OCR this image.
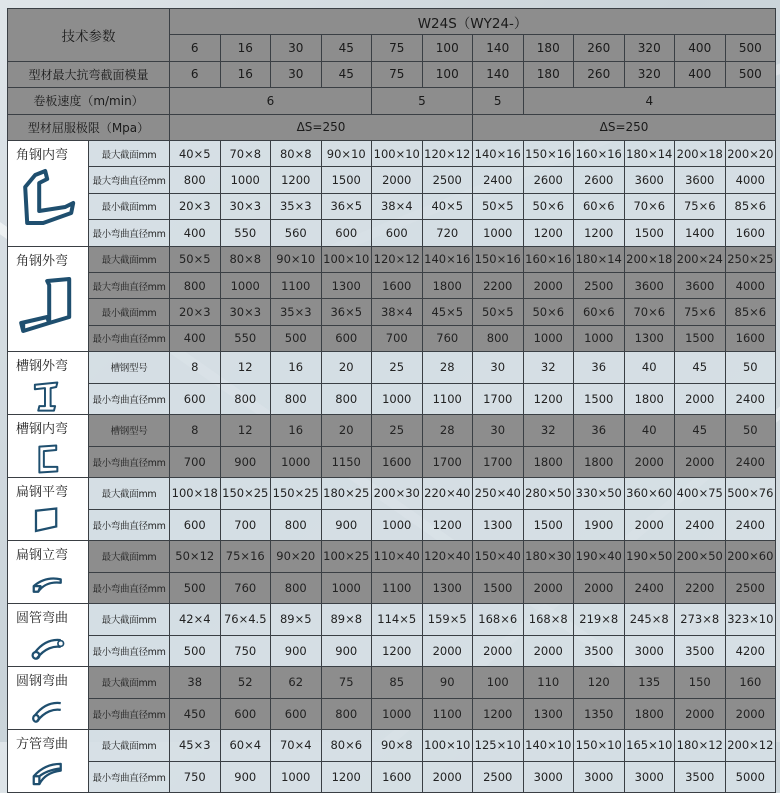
技术参数		W24S（WY24-）											
		6	16	30	45	75	100	140	180	260	320	400	500
型材最大抗弯截面模量		6	16	30	45	75	100	140	180	260	320	400	500
卷板速度（m/min）		6				5		5	4				
型材屈服极限（Mpa）		ΔS=250						ΔS=250					

角钢内弯	最大截面mm	40×5	70×8	80×8	90×10	100×10	120×12	140×16	150×16	160×16	180×14	200×18	200×20
	最大弯曲直径mm	800	1000	1200	1500	2000	2500	2400	2600	2600	3600	3600	4000
	最小截面mm	20×3	30×3	35×3	36×5	38×4	40×5	50×5	50×6	60×6	70×6	75×6	85×6
	最小弯曲直径mm	400	550	560	600	600	720	1000	1200	1200	1500	1400	1600

角钢外弯	最大截面mm	50×5	80×8	90×10	100×10	120×12	140×16	150×16	160×16	180×14	200×18	200×24	250×25
	最大弯曲直径mm	800	1000	1100	1300	1600	1800	2200	2000	2500	3600	3600	4000
	最小截面mm	20×3	30×3	35×3	36×5	38×4	45×5	50×5	50×6	60×6	70×6	75×6	85×6
	最小弯曲直径mm	400	550	500	600	700	760	800	1000	1000	1300	1500	1600

槽钢外弯	槽钢型号	8	12	16	20	25	28	30	32	36	40	45	50
	最小弯曲直径mm	600	800	800	800	1000	1100	1700	1200	1500	1800	2000	2400

槽钢内弯	槽钢型号	8	12	16	20	25	28	30	32	36	40	45	50
	最小弯曲直径mm	700	900	1000	1150	1600	1700	1700	1800	1800	2000	2000	2400

扁钢平弯	最大截面mm	100×18	150×25	150×25	180×25	200×30	220×40	250×40	280×50	330×50	360×60	400×75	500×76
	最小弯曲直径mm	600	700	800	900	1000	1200	1300	1500	1900	2000	2400	2400

扁钢立弯	最大截面mm	50×12	75×16	90×20	100×25	110×40	120×40	150×40	180×30	190×40	190×50	200×50	200×60
	最小弯曲直径mm	500	760	800	1000	1100	1300	1500	2000	2000	2400	2200	2500

圆管弯曲	最大截面mm	42×4	76×4.5	89×5	89×8	114×5	159×5	168×6	168×8	219×8	245×8	273×8	323×10
	最小弯曲直径mm	500	750	900	900	1200	2000	2000	2000	3500	3000	3500	4200

圆钢弯曲	最大截面mm	38	52	62	75	85	90	100	110	120	135	150	160
	最小弯曲直径mm	450	600	600	800	1000	1100	1200	1300	1350	1800	2000	2000

方管弯曲	最大截面mm	45×3	60×4	70×4	80×6	90×8	100×10	125×10	140×10	150×10	165×10	180×12	200×12
	最小弯曲直径mm	750	900	1000	1200	1600	2000	2500	3000	3000	3000	3500	5000
